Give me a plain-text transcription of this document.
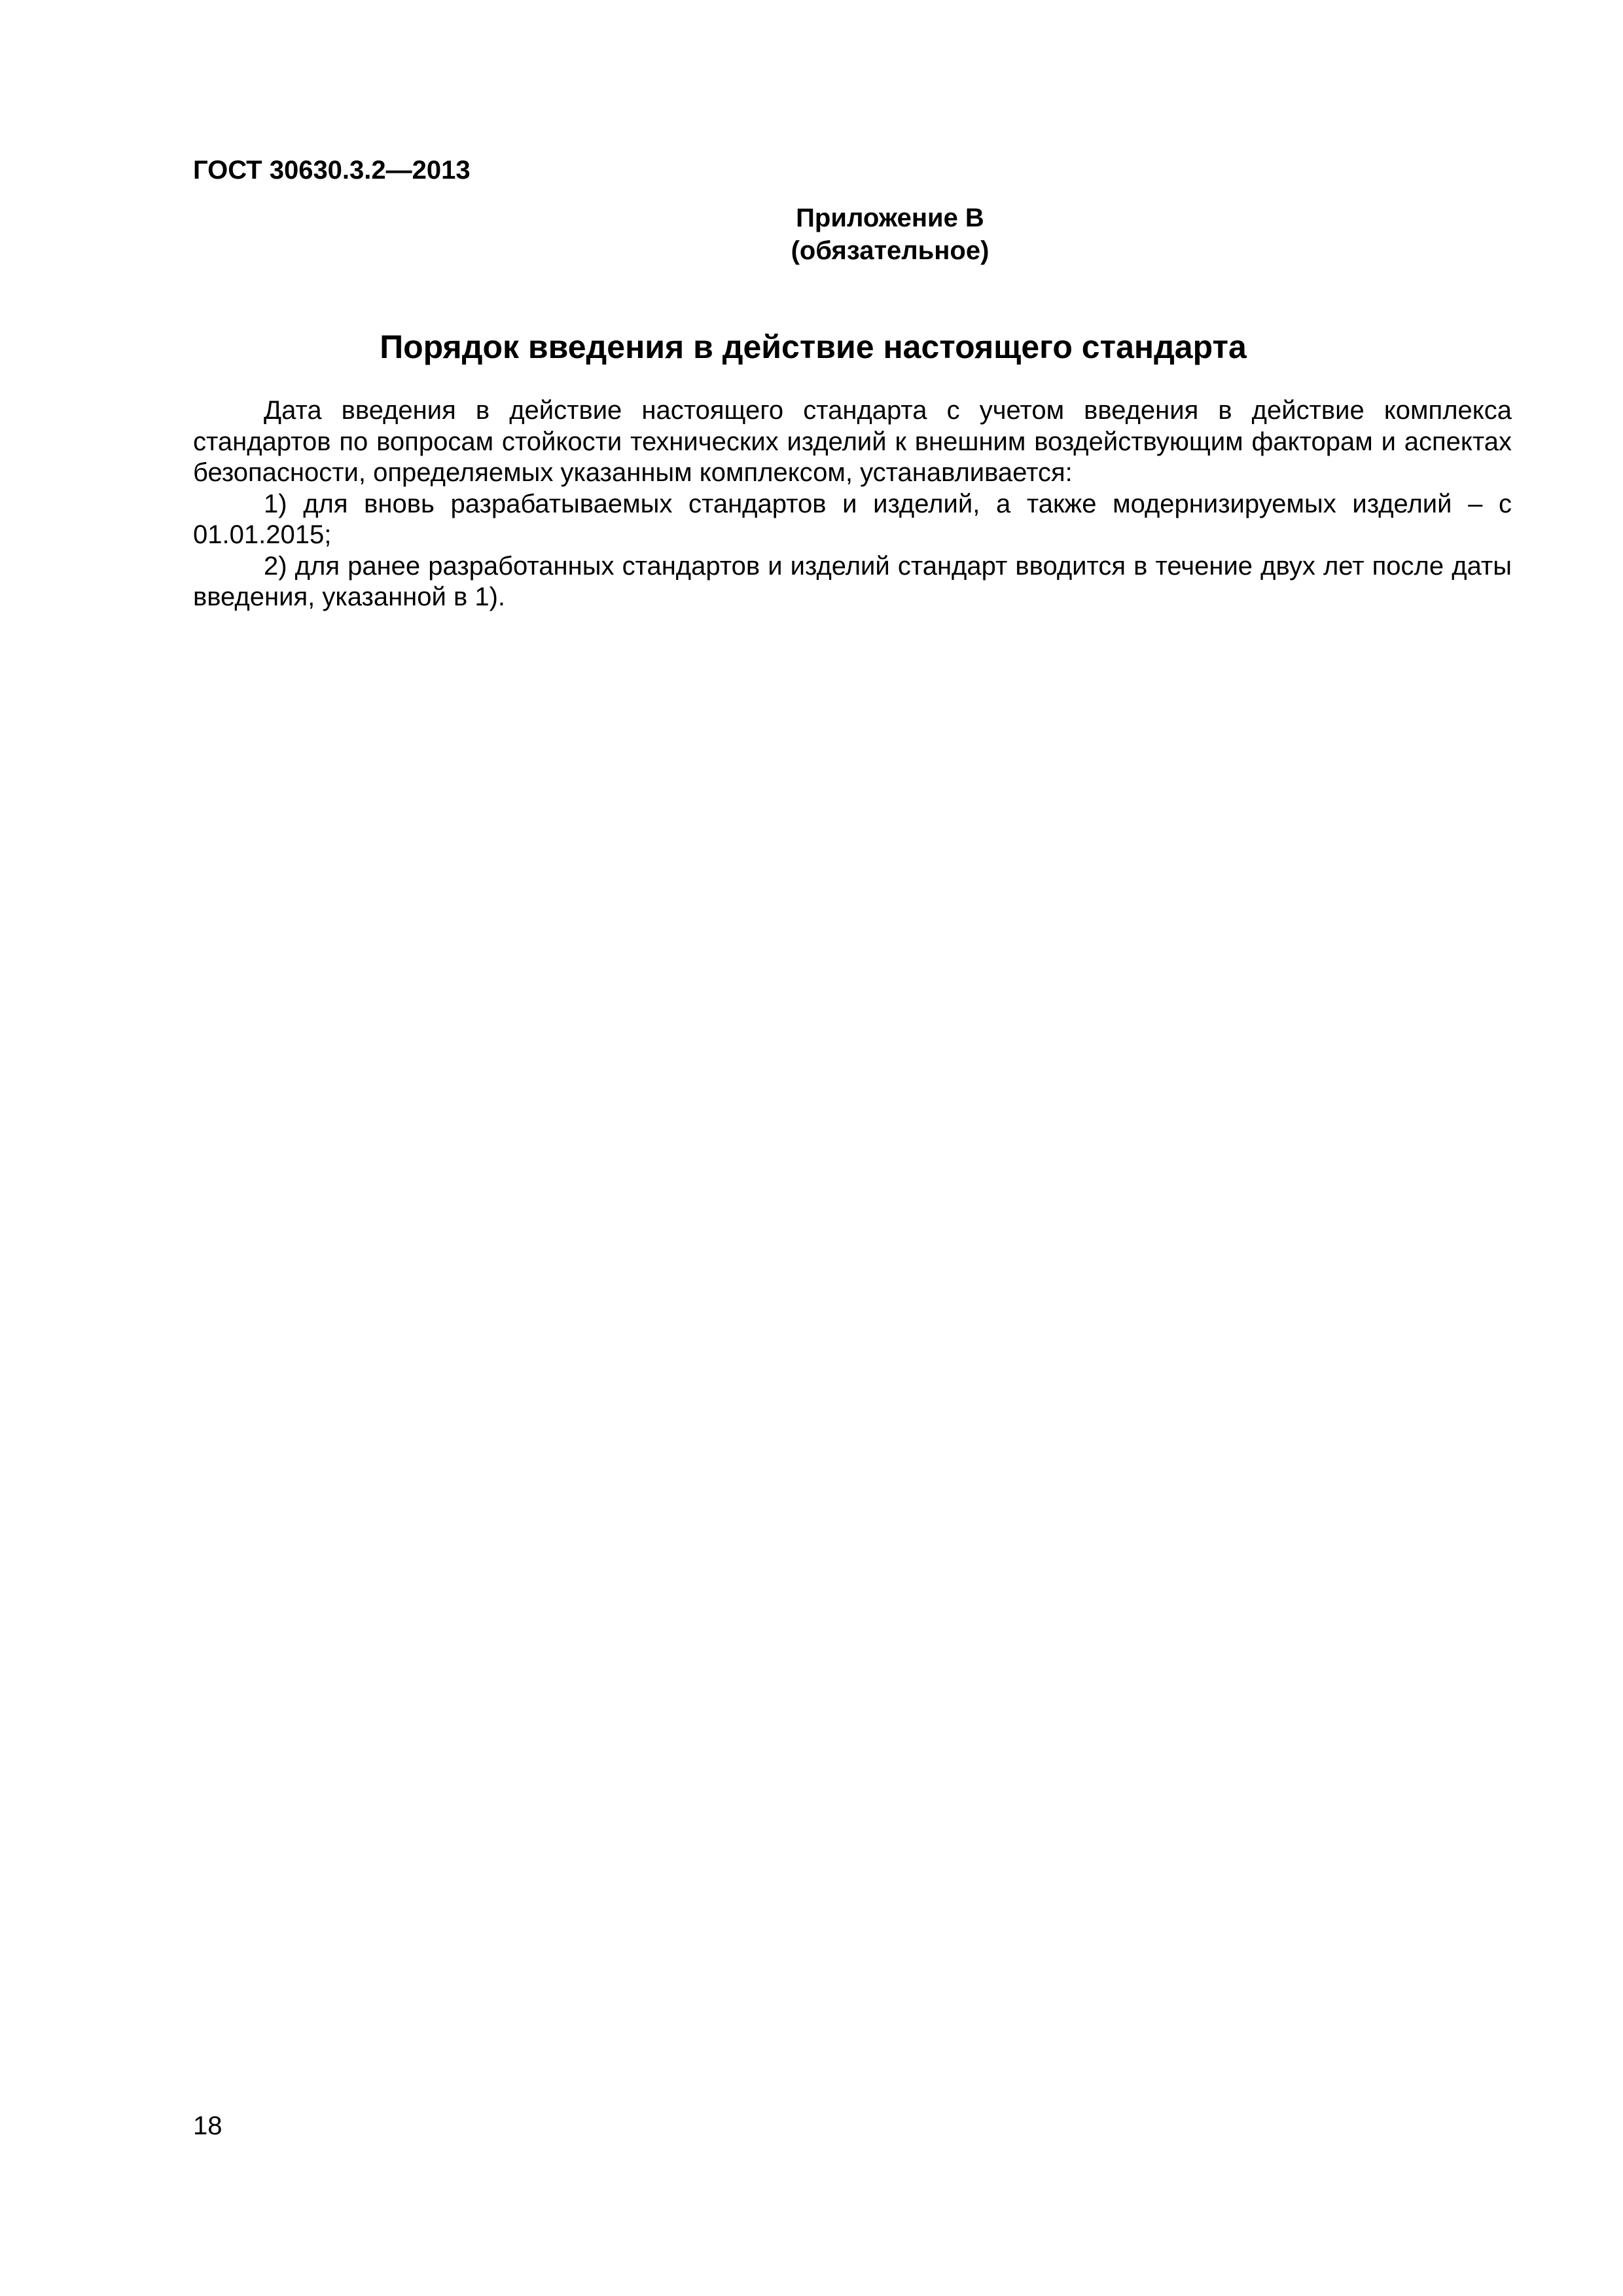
ГОСТ 30630.3.2—2013
Приложение В
(обязательное)
Порядок введения в действие настоящего стандарта

Дата введения в действие настоящего стандарта с учетом введения в действие комплекса стандартов по вопросам стойкости технических изделий к внешним воздействующим факторам и аспектах безопасности, определяемых указанным комплексом, устанавливается:

1) для вновь разрабатываемых стандартов и изделий, а также модернизируемых изделий – с 01.01.2015;

2) для ранее разработанных стандартов и изделий стандарт вводится в течение двух лет после даты введения, указанной в 1).

18
